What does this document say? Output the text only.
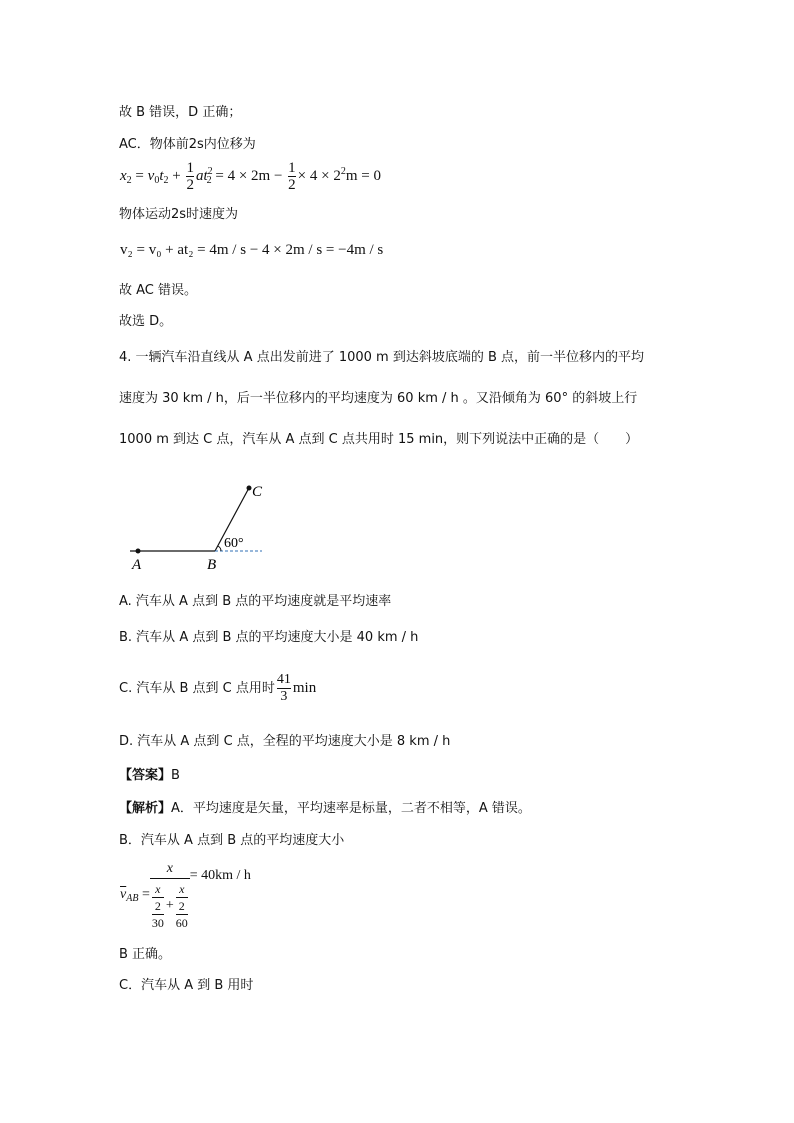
故 B 错误，D 正确；
AC．物体前2s内位移为
$x_2 = v_0t_2 + \frac{1}{2} at^2_2 = 4 \times 2m - \frac{1}{2} \times 4 \times 2^2m = 0$
物体运动2s时速度为
v₂ = v₀ + at₂ = 4m / s − 4 × 2m / s = −4m / s
故 AC 错误。
故选 D。
4. 一辆汽车沿直线从 A 点出发前进了 1000 m 到达斜坡底端的 B 点，前一半位移内的平均
速度为 30 km / h，后一半位移内的平均速度为 60 km / h 。又沿倾角为 60° 的斜坡上行
1000 m 到达 C 点，汽车从 A 点到 C 点共用时 15 min，则下列说法中正确的是（　　）
A	B
C
60°
A. 汽车从 A 点到 B 点的平均速度就是平均速率
B. 汽车从 A 点到 B 点的平均速度大小是 40 km / h
C. 汽车从 B 点到 C 点用时 $\frac{41}{3}$ min
D. 汽车从 A 点到 C 点，全程的平均速度大小是 8 km / h
【答案】B
【解析】A．平均速度是矢量，平均速率是标量，二者不相等，A 错误。
B．汽车从 A 点到 B 点的平均速度大小
$\overline{v}_{AB} = x$
x
2
30
+
x
2
60 = 40km / h
B 正确。
C．汽车从 A 到 B 用时
